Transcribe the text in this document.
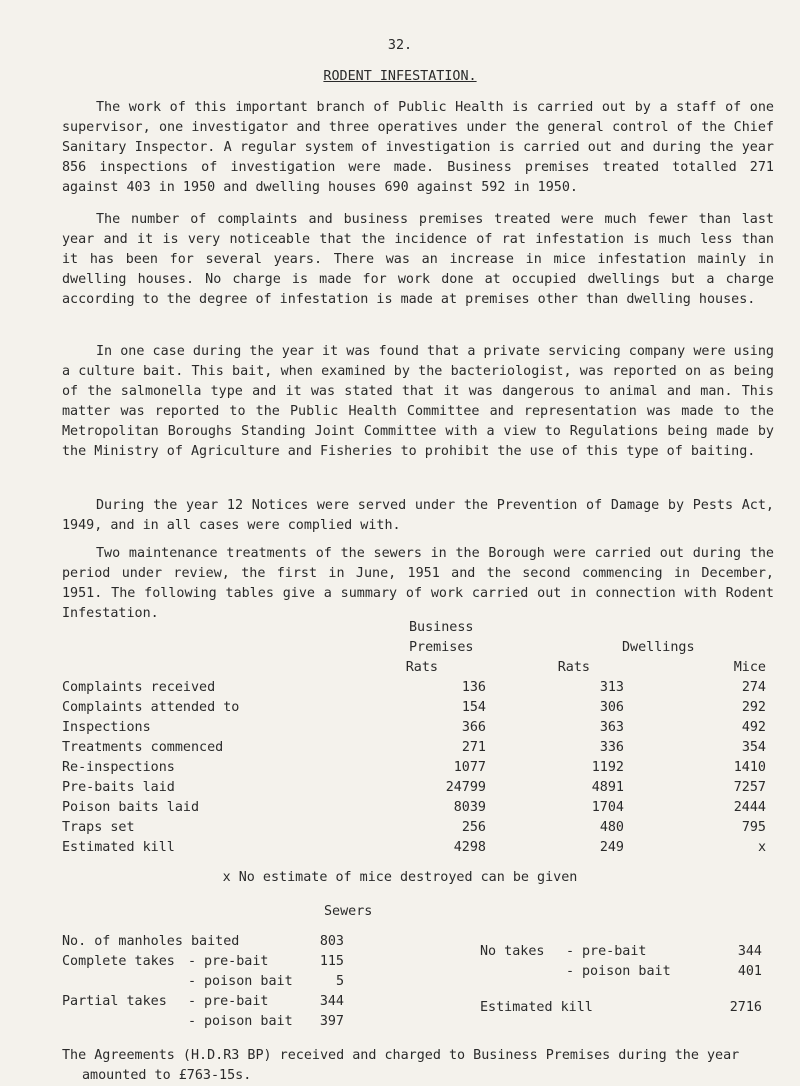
32.
RODENT INFESTATION.

The work of this important branch of Public Health is carried out by a staff of one supervisor, one investigator and three operatives under the general control of the Chief Sanitary Inspector. A regular system of investigation is carried out and during the year 856 inspections of investigation were made. Business premises treated totalled 271 against 403 in 1950 and dwelling houses 690 against 592 in 1950.

The number of complaints and business premises treated were much fewer than last year and it is very noticeable that the incidence of rat infestation is much less than it has been for several years. There was an increase in mice infestation mainly in dwelling houses. No charge is made for work done at occupied dwellings but a charge according to the degree of infestation is made at premises other than dwelling houses.

In one case during the year it was found that a private servicing company were using a culture bait. This bait, when examined by the bacteriologist, was reported on as being of the salmonella type and it was stated that it was dangerous to animal and man. This matter was reported to the Public Health Committee and representation was made to the Metropolitan Boroughs Standing Joint Committee with a view to Regulations being made by the Ministry of Agriculture and Fisheries to prohibit the use of this type of baiting.

During the year 12 Notices were served under the Prevention of Damage by Pests Act, 1949, and in all cases were complied with.

Two maintenance treatments of the sewers in the Borough were carried out during the period under review, the first in June, 1951 and the second commencing in December, 1951. The following tables give a summary of work carried out in connection with Rodent Infestation.

Business
Premises	Dwellings
Rats	Rats	Mice
Complaints received	136	313	274
Complaints attended to	154	306	292
Inspections	366	363	492
Treatments commenced	271	336	354
Re-inspections	1077	1192	1410
Pre-baits laid	24799	4891	7257
Poison baits laid	8039	1704	2444
Traps set	256	480	795
Estimated kill	4298	249	x
x No estimate of mice destroyed can be given
Sewers
No. of manholes baited	803
Complete takes - pre-bait	115
- poison bait	5
Partial takes - pre-bait	344
- poison bait 397
No takes - pre-bait	344
- poison bait	401
Estimated kill	2716

The Agreements (H.D.R3 BP) received and charged to Business Premises during the year amounted to £763-15s.
